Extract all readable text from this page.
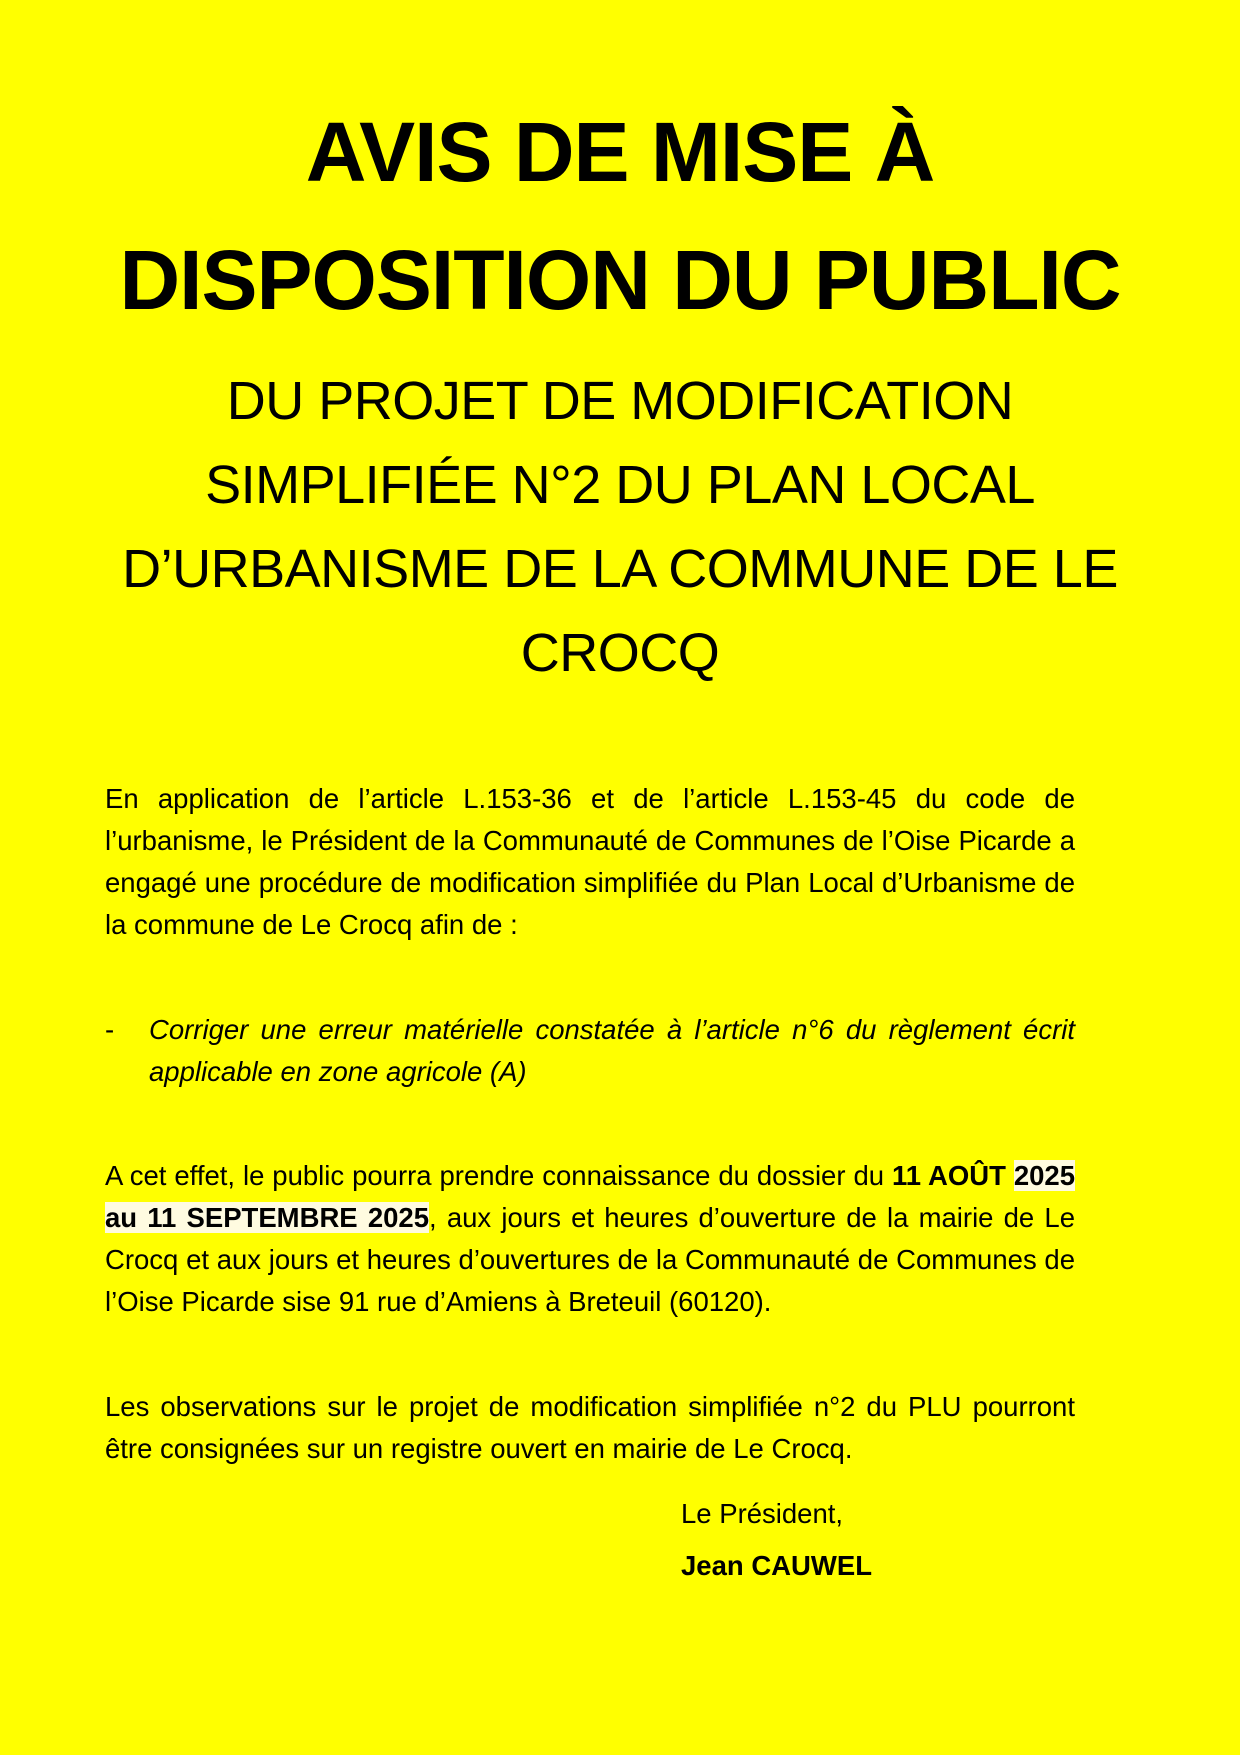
AVIS DE MISE À
DISPOSITION DU PUBLIC
DU PROJET DE MODIFICATION
SIMPLIFIÉE N°2 DU PLAN LOCAL
D’URBANISME DE LA COMMUNE DE LE
CROCQ

En application de l’article L.153-36 et de l’article L.153-45 du code de l’urbanisme, le Président de la Communauté de Communes de l’Oise Picarde a engagé une procédure de modification simplifiée du Plan Local d’Urbanisme de la commune de Le Crocq afin de :

-	Corriger une erreur matérielle constatée à l’article n°6 du règlement écrit applicable en zone agricole (A)

A cet effet, le public pourra prendre connaissance du dossier du 11 AOÛT 2025 au 11 SEPTEMBRE 2025, aux jours et heures d’ouverture de la mairie de Le Crocq et aux jours et heures d’ouvertures de la Communauté de Communes de l’Oise Picarde sise 91 rue d’Amiens à Breteuil (60120).

Les observations sur le projet de modification simplifiée n°2 du PLU pourront être consignées sur un registre ouvert en mairie de Le Crocq.

Le Président,
Jean CAUWEL
